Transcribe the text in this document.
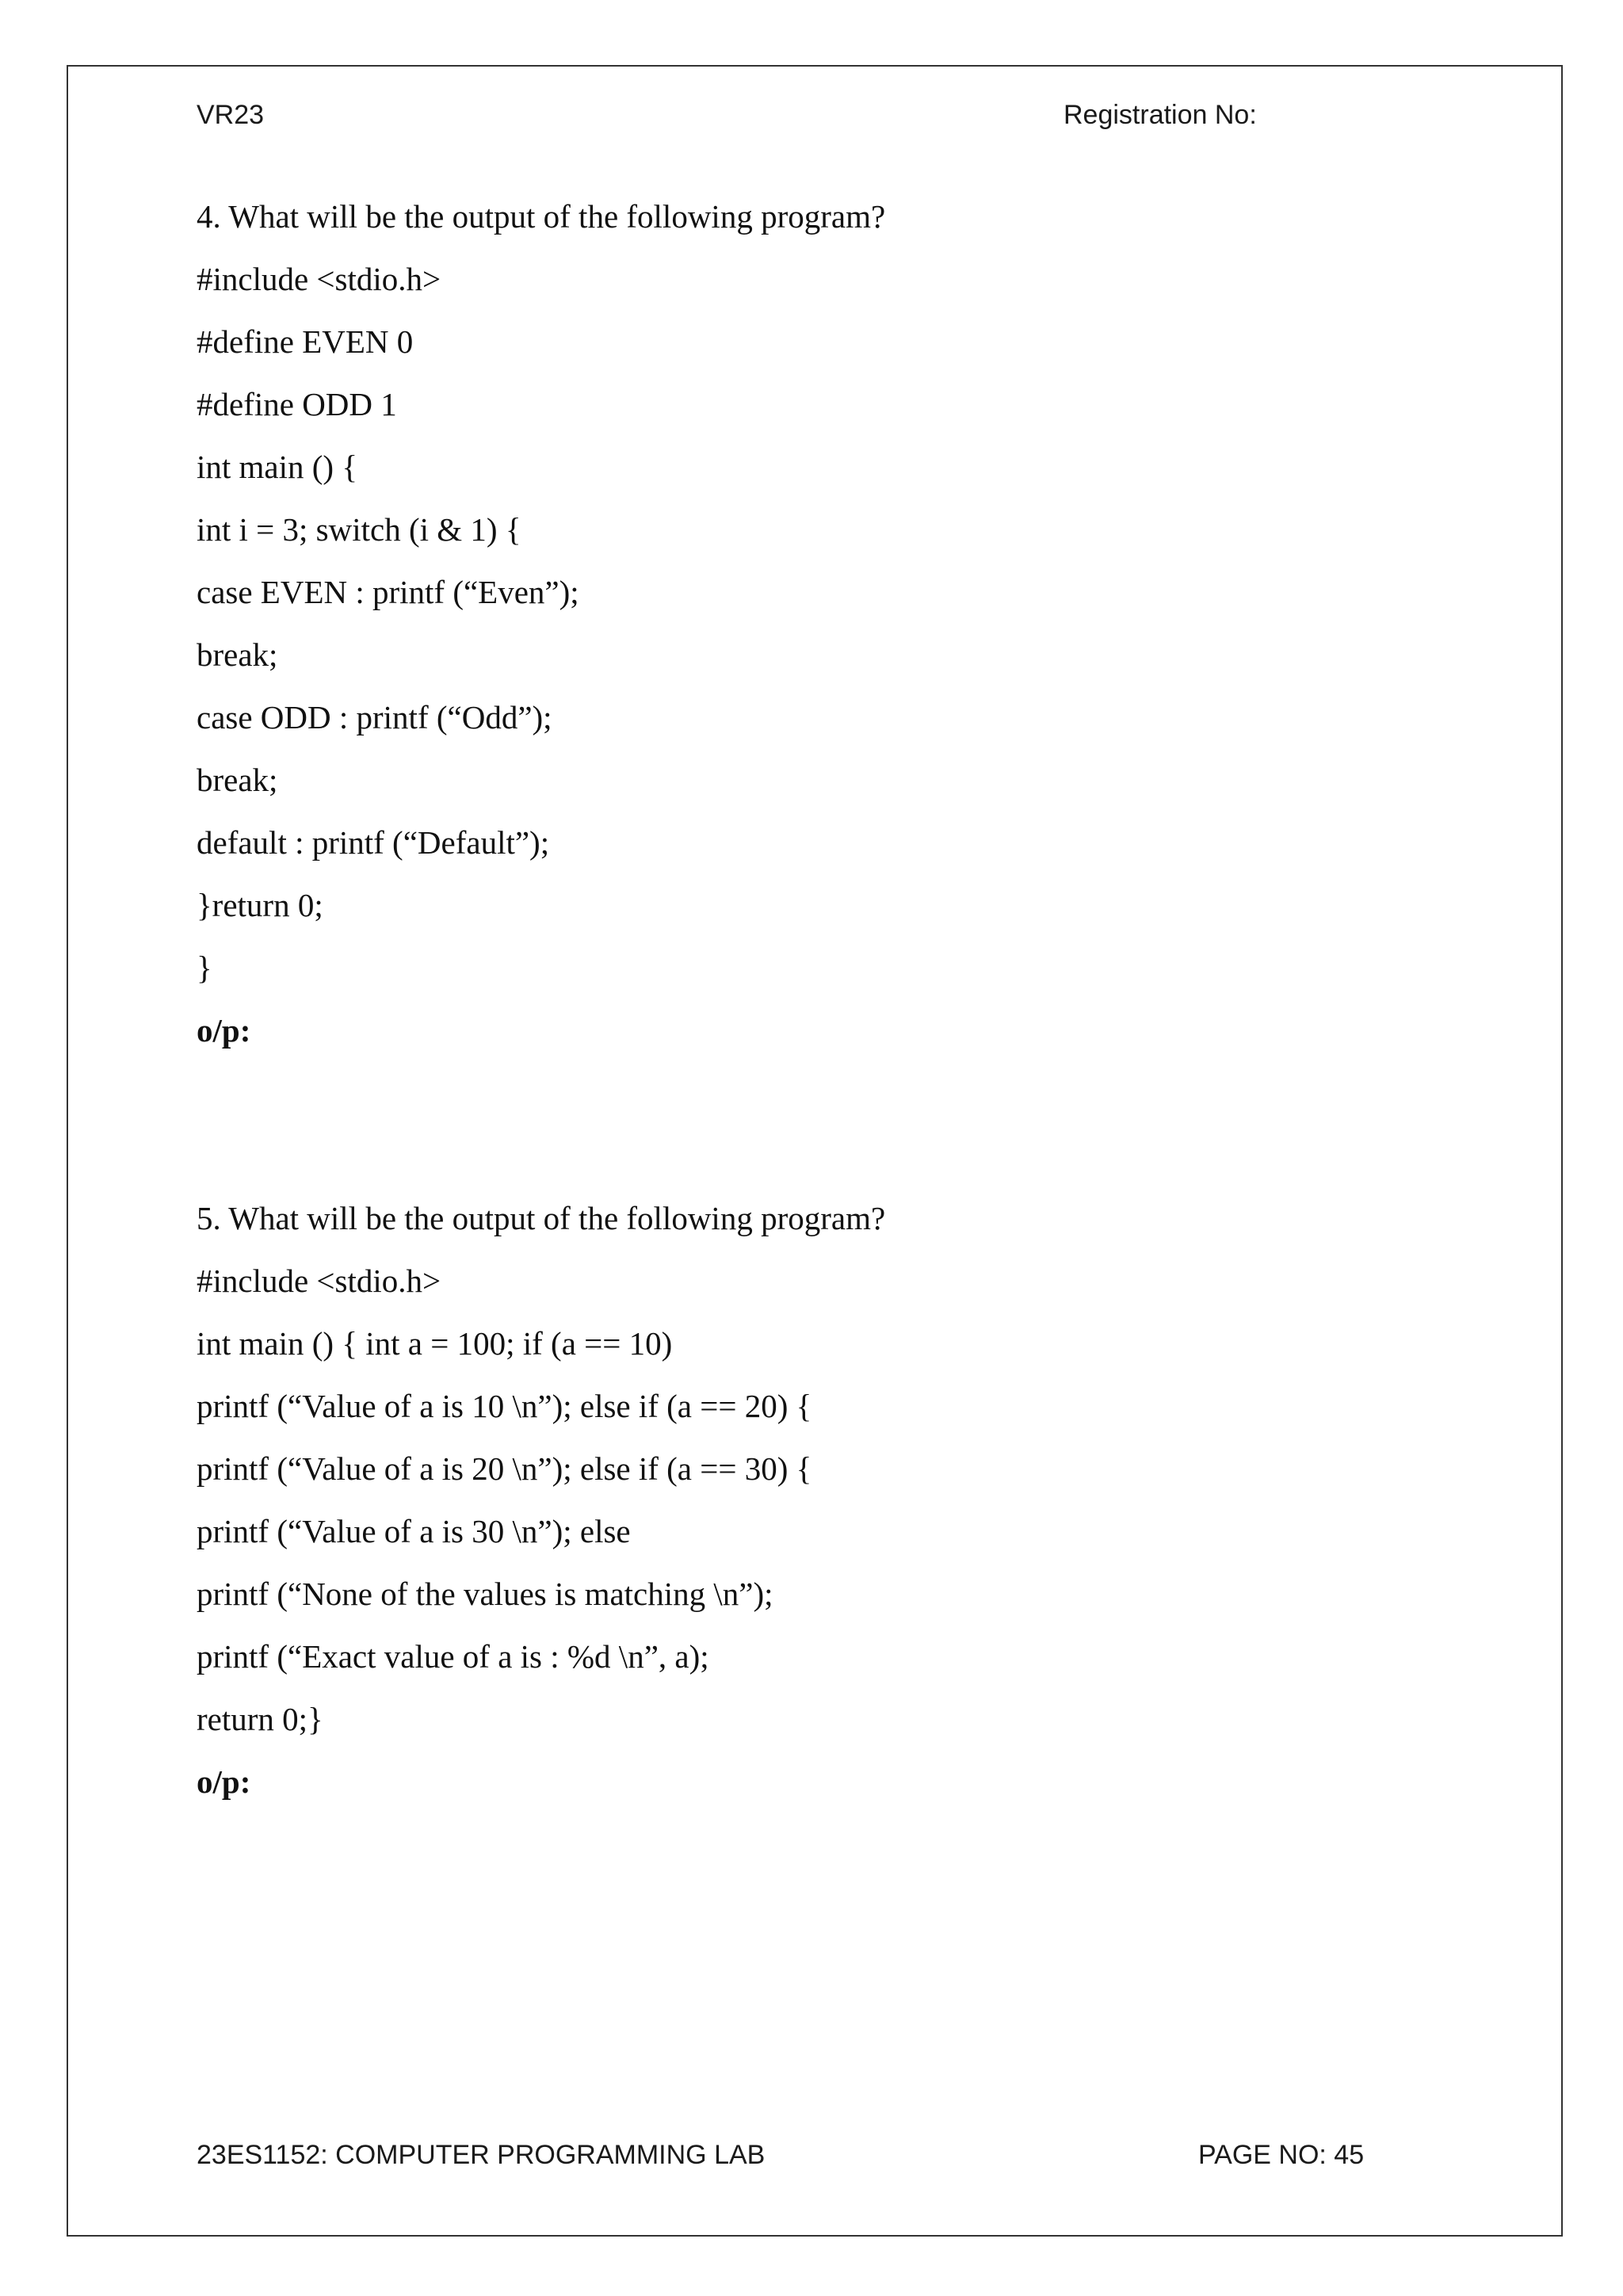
VR23	Registration No:
4. What will be the output of the following program?
#include <stdio.h>
#define EVEN 0
#define ODD 1
int main () {
int i = 3; switch (i & 1) {
case EVEN : printf (“Even”);
break;
case ODD : printf (“Odd”);
break;
default : printf (“Default”);
}return 0;
}
o/p:
5. What will be the output of the following program?
#include <stdio.h>
int main () { int a = 100; if (a == 10)
printf (“Value of a is 10 \n”); else if (a == 20) {
printf (“Value of a is 20 \n”); else if (a == 30) {
printf (“Value of a is 30 \n”); else
printf (“None of the values is matching \n”);
printf (“Exact value of a is : %d \n”, a);
return 0;}
o/p:
23ES1152: COMPUTER PROGRAMMING LAB	PAGE NO: 45
